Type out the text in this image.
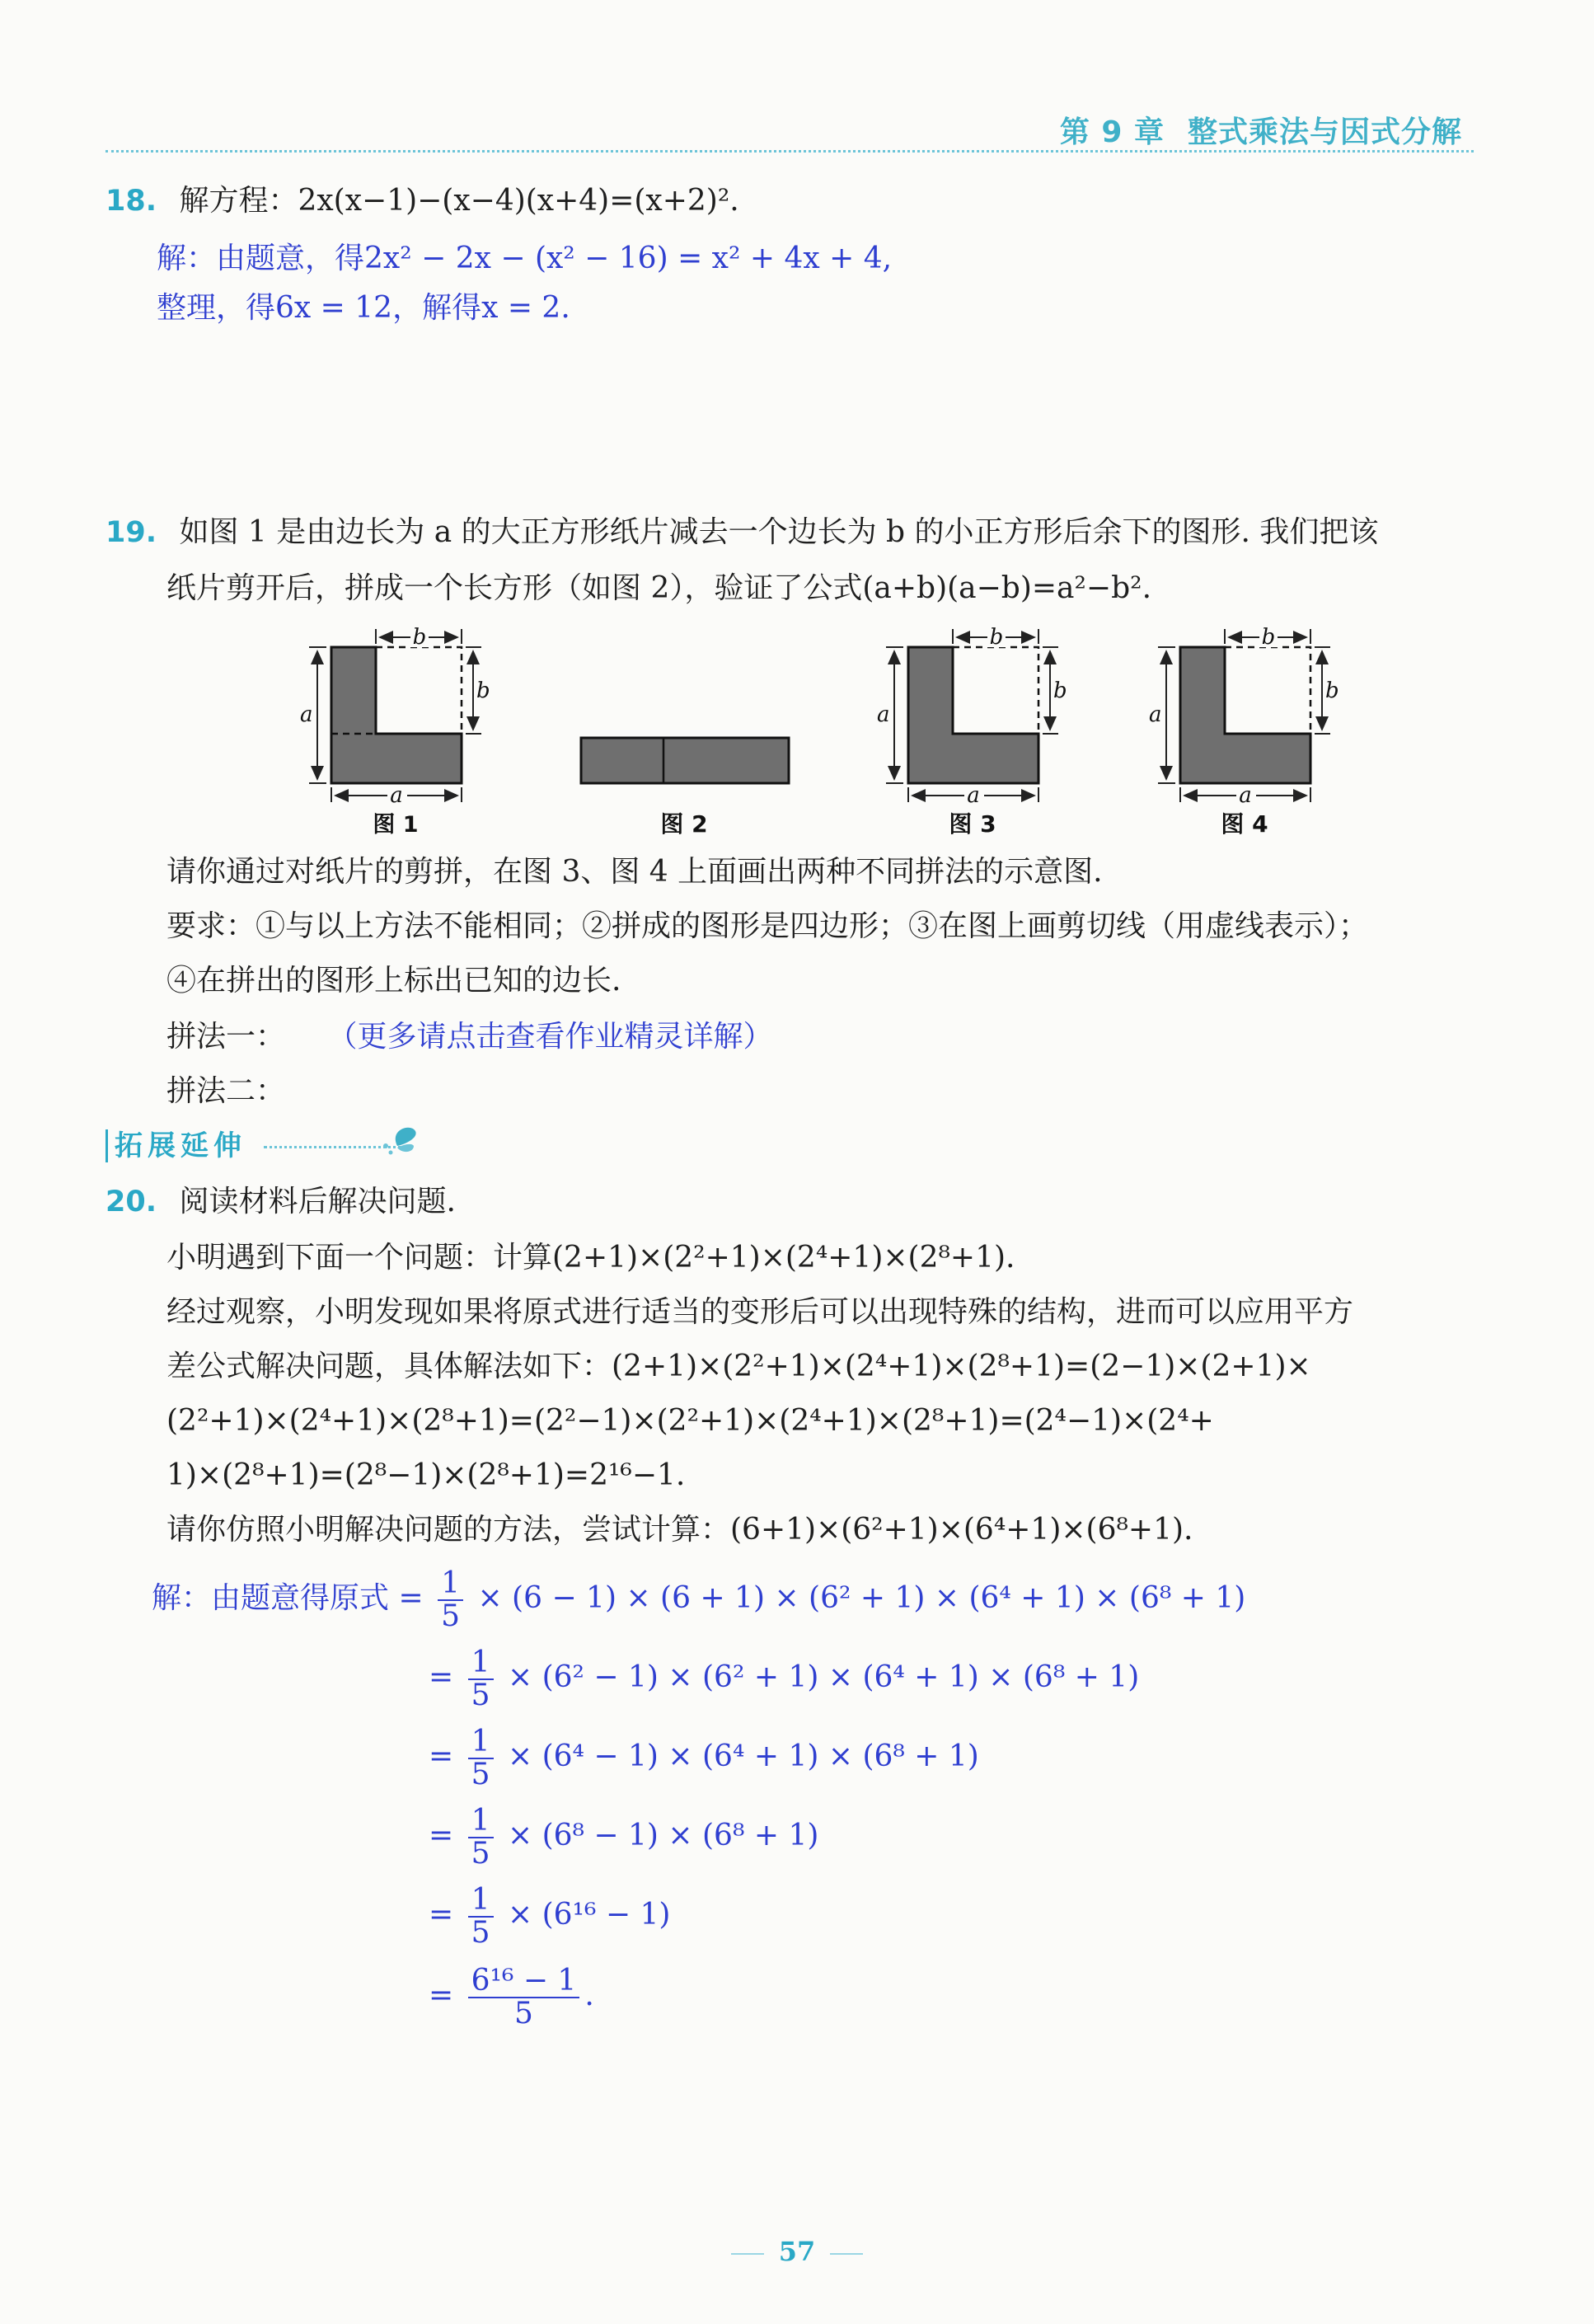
第 9 章 整式乘法与因式分解
18. 解方程：2x(x−1)−(x−4)(x+4)=(x+2)².
解：由题意，得2x² − 2x − (x² − 16) = x² + 4x + 4,
整理，得6x = 12，解得x = 2.
19. 如图 1 是由边长为 a 的大正方形纸片减去一个边长为 b 的小正方形后余下的图形. 我们把该
纸片剪开后，拼成一个长方形（如图 2），验证了公式(a+b)(a−b)=a²−b².
b
a
b
a
图 1	图 2
b
a
b
a
图 3
b
a
b
a
图 4
请你通过对纸片的剪拼，在图 3、图 4 上面画出两种不同拼法的示意图.
要求：①与以上方法不能相同；②拼成的图形是四边形；③在图上画剪切线（用虚线表示）；
④在拼出的图形上标出已知的边长.
拼法一： （更多请点击查看作业精灵详解）
拼法二：
拓展延伸
20. 阅读材料后解决问题.
小明遇到下面一个问题：计算(2+1)×(2²+1)×(2⁴+1)×(2⁸+1).
经过观察，小明发现如果将原式进行适当的变形后可以出现特殊的结构，进而可以应用平方
差公式解决问题，具体解法如下：(2+1)×(2²+1)×(2⁴+1)×(2⁸+1)=(2−1)×(2+1)×
(2²+1)×(2⁴+1)×(2⁸+1)=(2²−1)×(2²+1)×(2⁴+1)×(2⁸+1)=(2⁴−1)×(2⁴+
1)×(2⁸+1)=(2⁸−1)×(2⁸+1)=2¹⁶−1.
请你仿照小明解决问题的方法，尝试计算：(6+1)×(6²+1)×(6⁴+1)×(6⁸+1).
解：由题意得原式 = $\frac{1}{5} \times (6 - 1) \times (6 + 1) \times (6^2 + 1) \times (6^4 + 1) \times (6^8 + 1)$
= $\frac{1}{5} \times (6^2 - 1) \times (6^2 + 1) \times (6^4 + 1) \times (6^8 + 1)$
= $\frac{1}{5} \times (6^4 - 1) \times (6^4 + 1) \times (6^8 + 1)$
= $\frac{1}{5} \times (6^8 - 1) \times (6^8 + 1)$
= $\frac{1}{5} \times (6^{16} - 1)$
= $\frac{\text{6¹⁶ − 1}}{5}$ .
57
